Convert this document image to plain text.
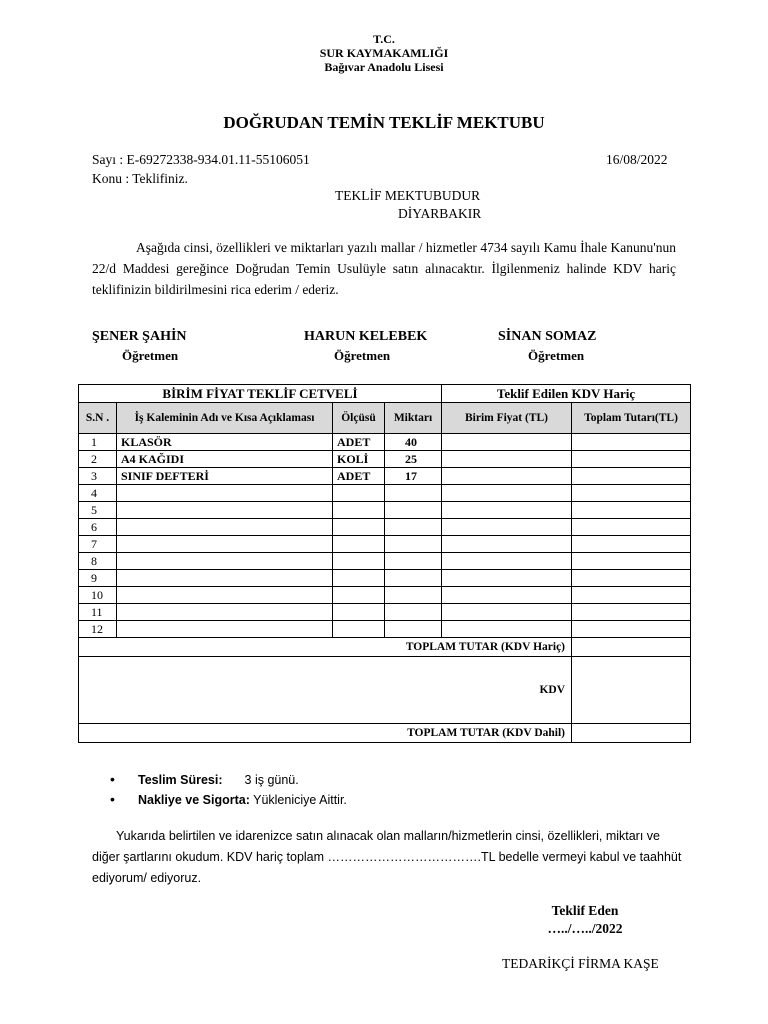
T.C.
SUR KAYMAKAMLIĞI
Bağıvar Anadolu Lisesi
DOĞRUDAN TEMİN TEKLİF MEKTUBU
Sayı : E-69272338-934.01.11-55106051	16/08/2022
Konu : Teklifiniz.
TEKLİF MEKTUBUDUR
DİYARBAKIR
Aşağıda cinsi, özellikleri ve miktarları yazılı mallar / hizmetler 4734 sayılı Kamu İhale Kanunu'nun 22/d Maddesi gereğince Doğrudan Temin Usulüyle satın alınacaktır. İlgilenmeniz halinde KDV hariç teklifinizin bildirilmesini rica ederim / ederiz.
ŞENER ŞAHİN
Öğretmen
HARUN KELEBEK
Öğretmen
SİNAN SOMAZ
Öğretmen
BİRİM FİYAT TEKLİF CETVELİ				Teklif Edilen KDV Hariç	
S.N .	İş Kaleminin Adı ve Kısa Açıklaması	Ölçüsü	Miktarı	Birim Fiyat (TL)	Toplam Tutarı(TL)
1	KLASÖR	ADET	40		
2	A4 KAĞIDI	KOLİ	25		
3	SINIF DEFTERİ	ADET	17		
4					
5					
6					
7					
8					
9					
10					
11					
12					
TOPLAM TUTAR (KDV Hariç)					
KDV					
TOPLAM TUTAR (KDV Dahil)					
• Teslim Süresi: 3 iş günü.
• Nakliye ve Sigorta: Yükleniciye Aittir.
Yukarıda belirtilen ve idarenizce satın alınacak olan malların/hizmetlerin cinsi, özellikleri, miktarı ve diğer şartlarını okudum. KDV hariç toplam ……………………………….TL bedelle vermeyi kabul ve taahhüt ediyorum/ ediyoruz.
Teklif Eden
…../…../2022
TEDARİKÇİ FİRMA KAŞE
